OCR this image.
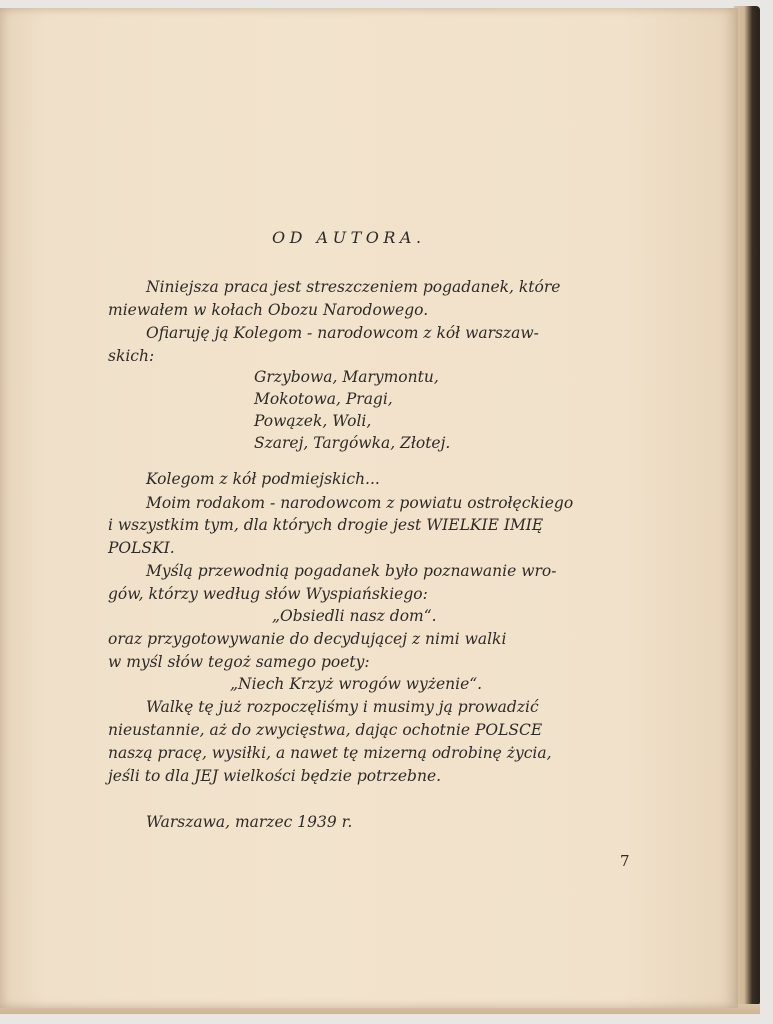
OD AUTORA.
Niniejsza praca jest streszczeniem pogadanek, które
miewałem w kołach Obozu Narodowego.
Ofiaruję ją Kolegom - narodowcom z kół warszaw-
skich:
Grzybowa, Marymontu,
Mokotowa, Pragi,
Powązek, Woli,
Szarej, Targówka, Złotej.
Kolegom z kół podmiejskich...
Moim rodakom - narodowcom z powiatu ostrołęckiego
i wszystkim tym, dla których drogie jest WIELKIE IMIĘ
POLSKI.
Myślą przewodnią pogadanek było poznawanie wro-
gów, którzy według słów Wyspiańskiego:
„Obsiedli nasz dom“.
oraz przygotowywanie do decydującej z nimi walki
w myśl słów tegoż samego poety:
„Niech Krzyż wrogów wyżenie“.
Walkę tę już rozpoczęliśmy i musimy ją prowadzić
nieustannie, aż do zwycięstwa, dając ochotnie POLSCE
naszą pracę, wysiłki, a nawet tę mizerną odrobinę życia,
jeśli to dla JEJ wielkości będzie potrzebne.
Warszawa, marzec 1939 r.
7
